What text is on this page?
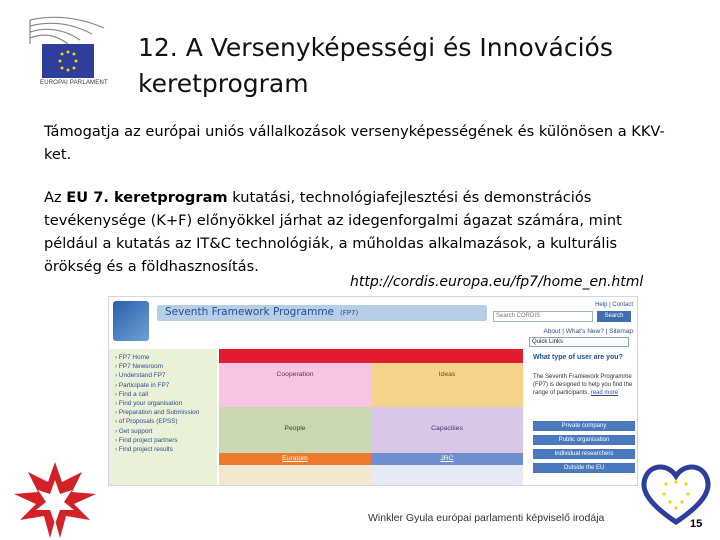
EUROPAI PARLAMENT
12. A Versenyképességi és Innovációs
keretprogram
Támogatja az európai uniós vállalkozások versenyképességének és különösen a KKV-ket.
Az EU 7. keretprogram kutatási, technológiafejlesztési és demonstrációs tevékenysége (K+F) előnyökkel járhat az idegenforgalmi ágazat számára, mint például a kutatás az IT&C technológiák, a műholdas alkalmazások, a kulturális örökség és a földhasznosítás.
http://cordis.europa.eu/fp7/home_en.html
Seventh Framework Programme (FP7)
Help | Contact
Search CORDIS	Search
About | What's New? | Sitemap
Quick Links
› FP7 Home
› FP7 Newsroom
› Understand FP7
› Participate in FP7
› Find a call
› Find your organisation
› Preparation and Submission
› of Proposals (EPSS)
› Get support
› Find project partners
› Find project results
Cooperation	Ideas
People	Capacities
Euratom	JRC
What type of user are you?
The Seventh Framework Programme (FP7) is designed to help you find the range of participants. read more
Private company
Public organisation
Individual researchers
Outside the EU
Winkler Gyula európai parlamenti képviselő irodája	15
